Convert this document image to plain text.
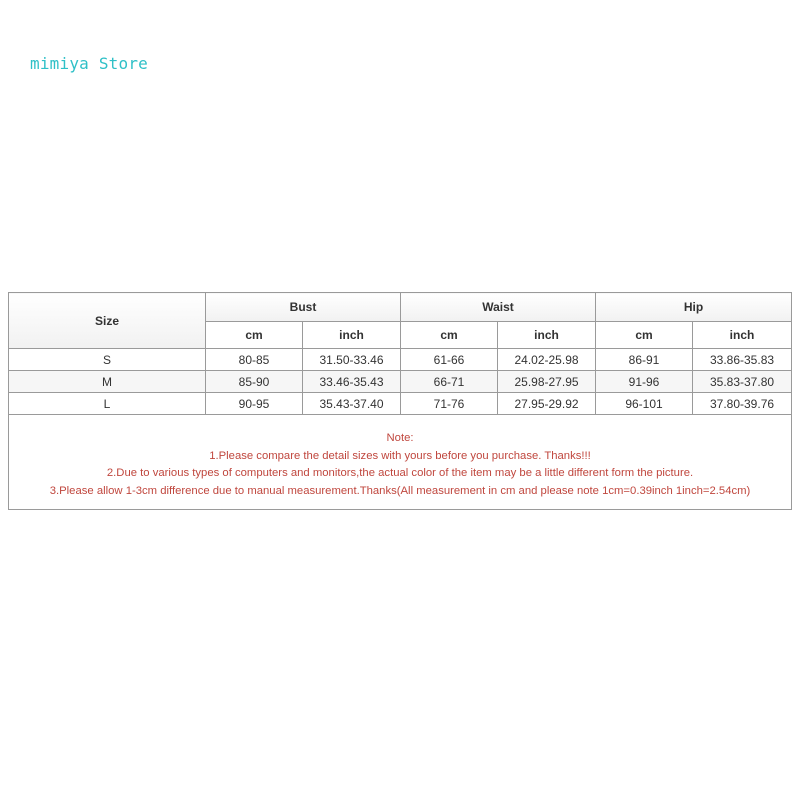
mimiya Store
Size	Bust		Waist		Hip	
	cm	inch	cm	inch	cm	inch
S	80-85	31.50-33.46	61-66	24.02-25.98	86-91	33.86-35.83
M	85-90	33.46-35.43	66-71	25.98-27.95	91-96	35.83-37.80
L	90-95	35.43-37.40	71-76	27.95-29.92	96-101	37.80-39.76

Note:
1.Please compare the detail sizes with yours before you purchase. Thanks!!!
2.Due to various types of computers and monitors,the actual color of the item may be a little different form the picture.
3.Please allow 1-3cm difference due to manual measurement.Thanks(All measurement in cm and please note 1cm=0.39inch 1inch=2.54cm)						
